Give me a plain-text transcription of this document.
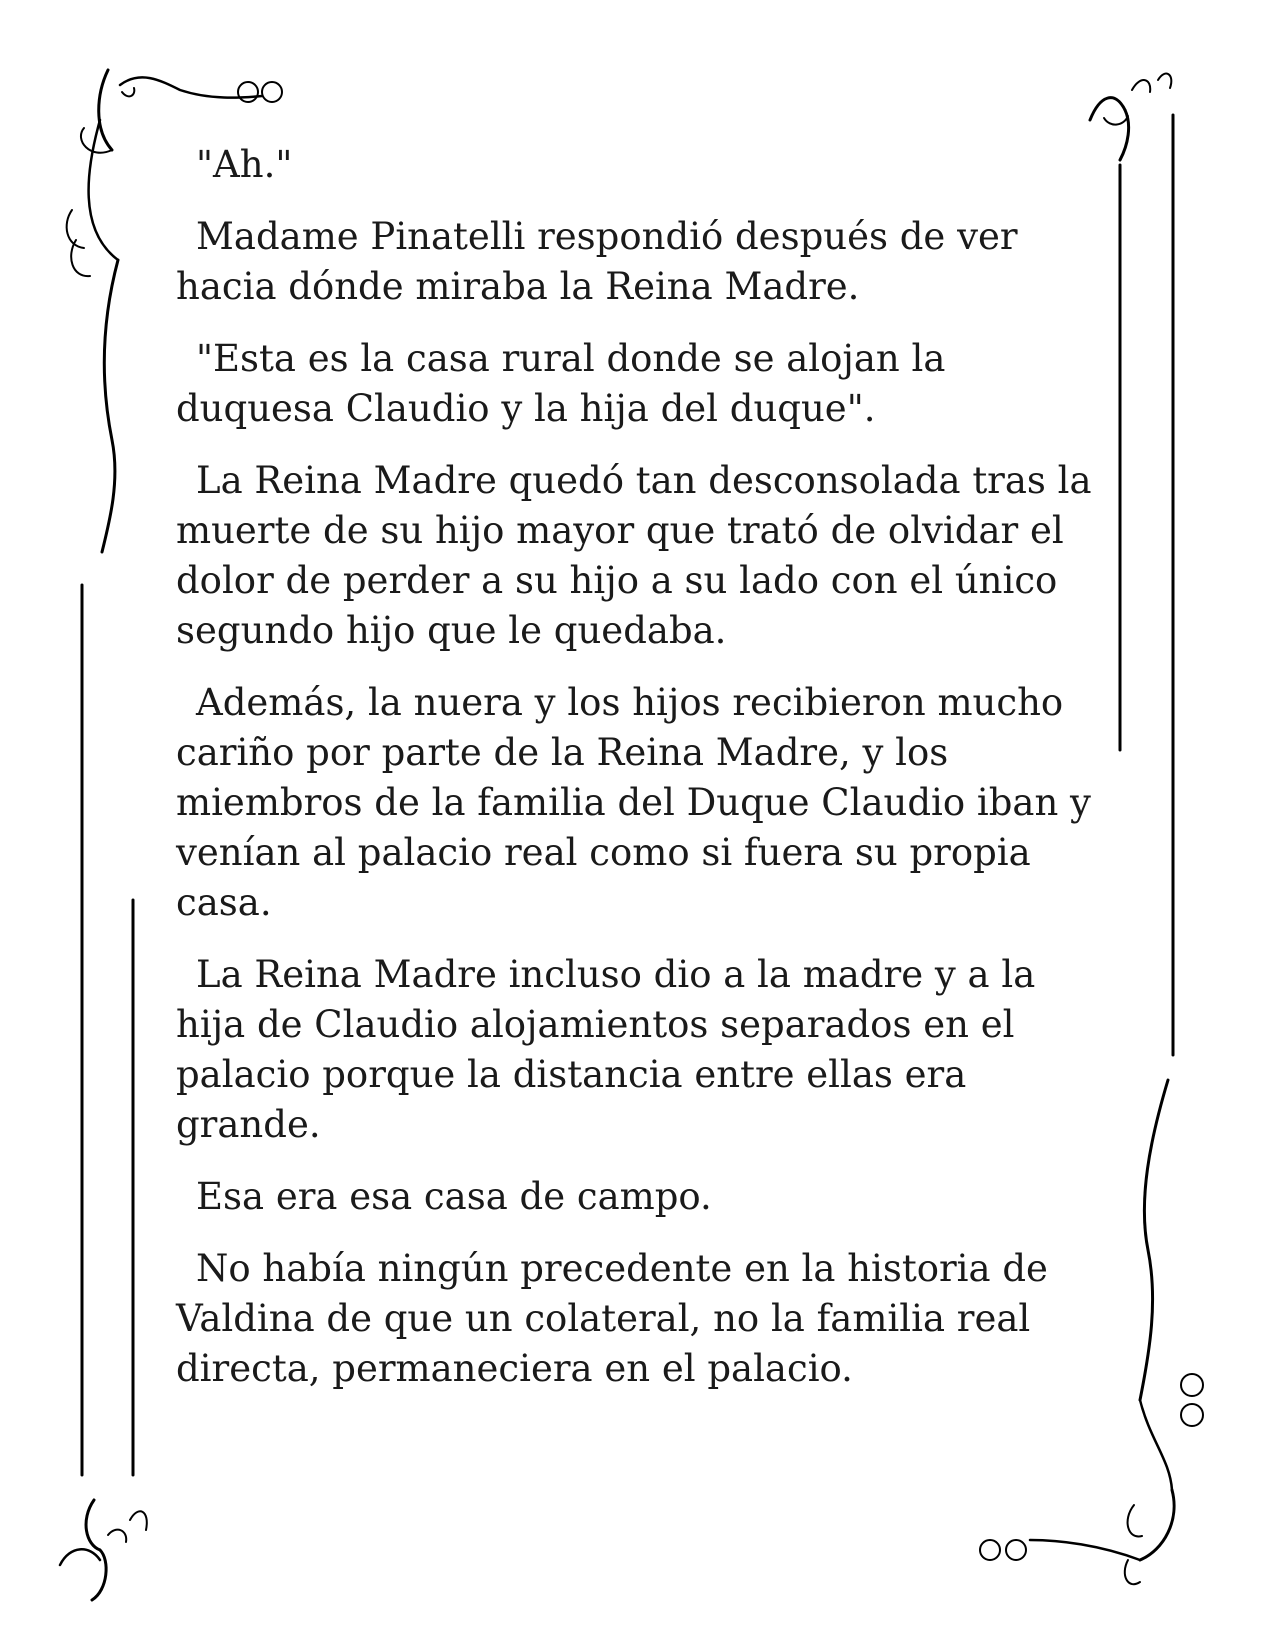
"Ah."

Madame Pinatelli respondió después de ver hacia dónde miraba la Reina Madre.

"Esta es la casa rural donde se alojan la duquesa Claudio y la hija del duque".

La Reina Madre quedó tan desconsolada tras la muerte de su hijo mayor que trató de olvidar el dolor de perder a su hijo a su lado con el único segundo hijo que le quedaba.

Además, la nuera y los hijos recibieron mucho cariño por parte de la Reina Madre, y los miembros de la familia del Duque Claudio iban y venían al palacio real como si fuera su propia casa.

La Reina Madre incluso dio a la madre y a la hija de Claudio alojamientos separados en el palacio porque la distancia entre ellas era grande.

Esa era esa casa de campo.

No había ningún precedente en la historia de Valdina de que un colateral, no la familia real directa, permaneciera en el palacio.
